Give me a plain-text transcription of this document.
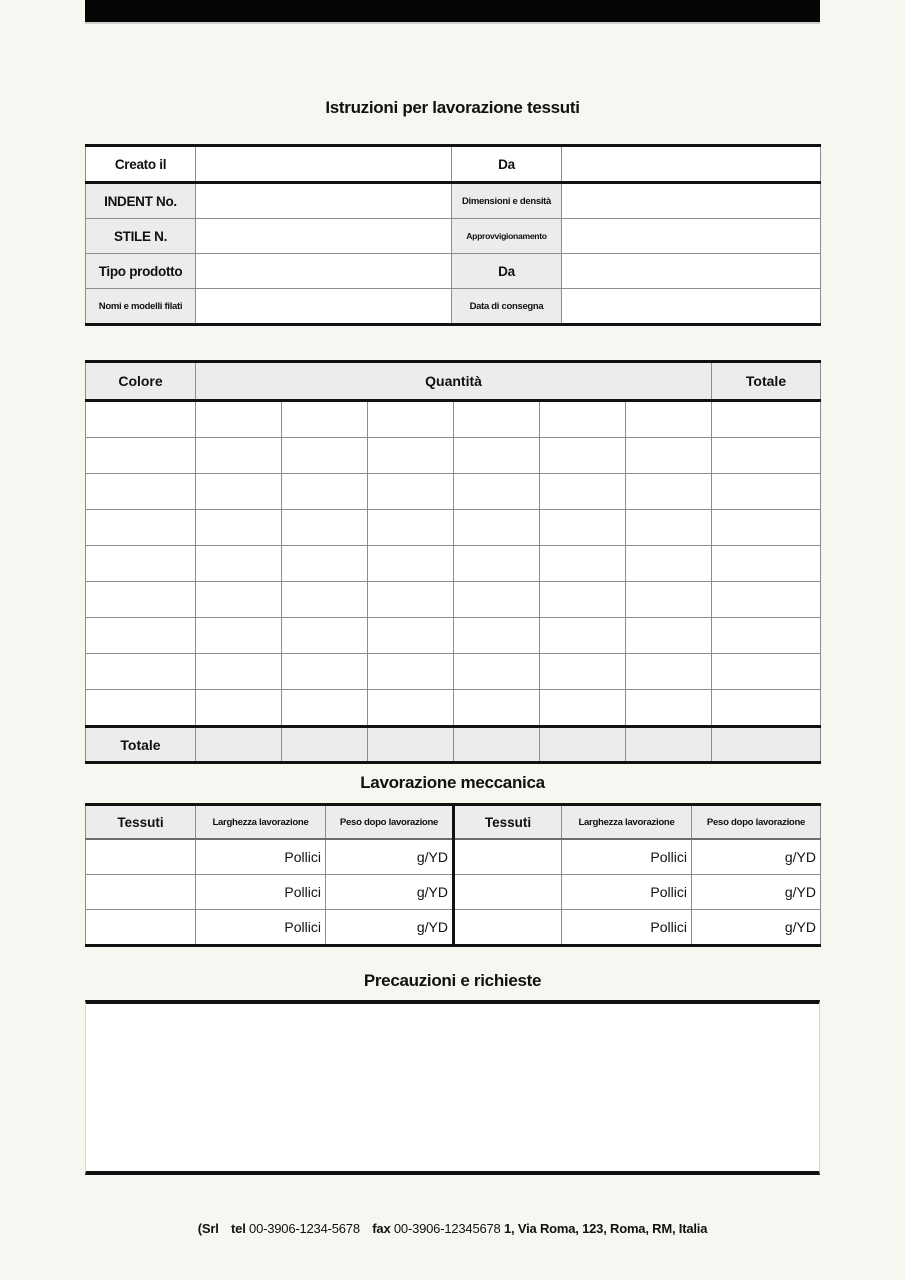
Istruzioni per lavorazione tessuti
Creato il		Da	
INDENT No.		Dimensioni e densità	
STILE N.		Approvvigionamento	
Tipo prodotto		Da	
Nomi e modelli filati		Data di consegna	
Colore	Quantità						Totale

Totale							
Lavorazione meccanica
Tessuti	Larghezza lavorazione	Peso dopo lavorazione	Tessuti	Larghezza lavorazione	Peso dopo lavorazione
	Pollici	g/YD		Pollici	g/YD
	Pollici	g/YD		Pollici	g/YD
	Pollici	g/YD		Pollici	g/YD
Precauzioni e richieste
(Srl tel 00-3906-1234-5678 fax 00-3906-12345678 1, Via Roma, 123, Roma, RM, Italia
